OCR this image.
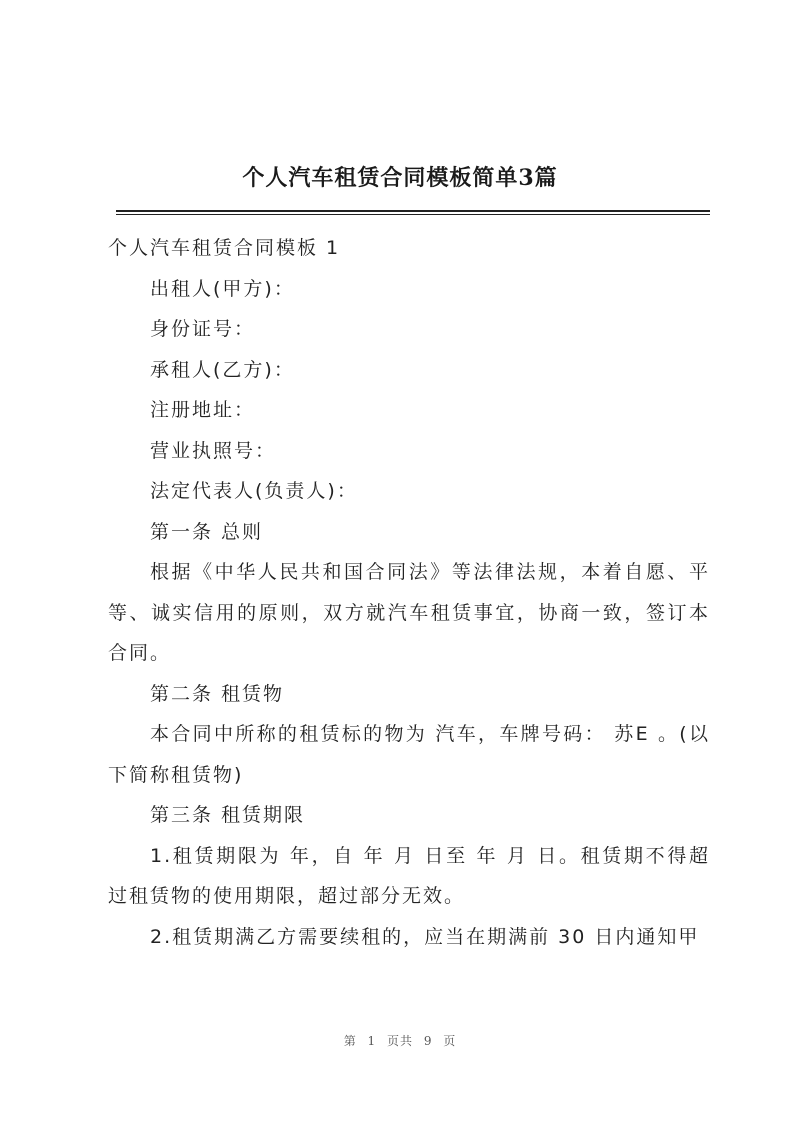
个人汽车租赁合同模板简单3篇

个人汽车租赁合同模板 1

出租人(甲方)：

身份证号：

承租人(乙方)：

注册地址：

营业执照号：

法定代表人(负责人)：

第一条 总则

根据《中华人民共和国合同法》等法律法规，本着自愿、平等、诚实信用的原则，双方就汽车租赁事宜，协商一致，签订本合同。

第二条 租赁物

本合同中所称的租赁标的物为 汽车，车牌号码： 苏E 。(以下简称租赁物)

第三条 租赁期限

1.租赁期限为 年，自 年 月 日至 年 月 日。租赁期不得超过租赁物的使用期限，超过部分无效。

2.租赁期满乙方需要续租的，应当在期满前 30 日内通知甲

第 1 页共 9 页
